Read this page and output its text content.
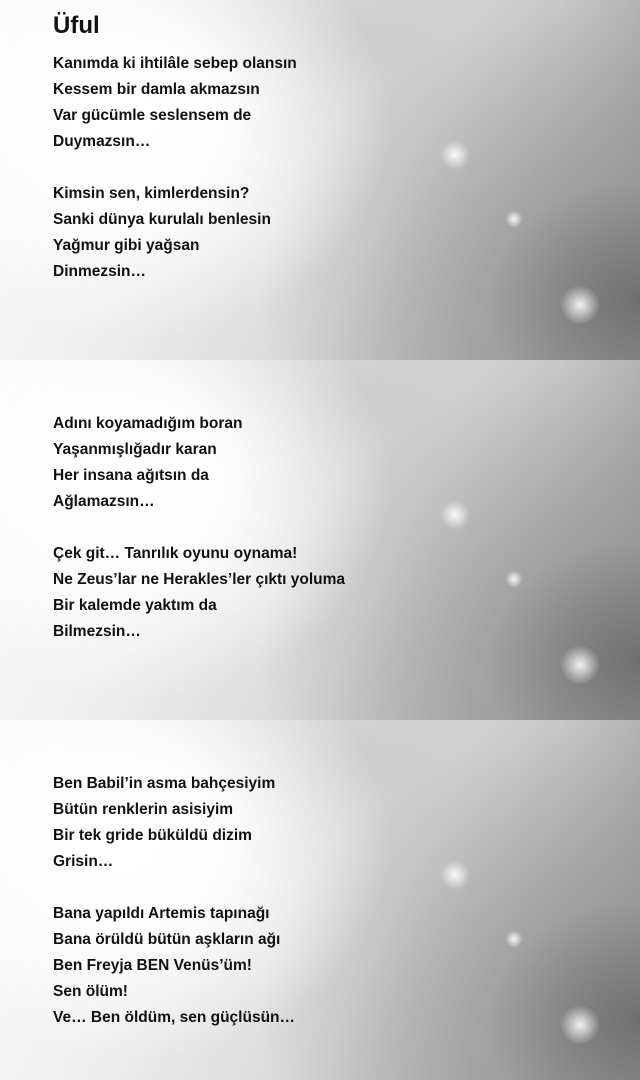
Üful
Kanımda ki ihtilâle sebep olansın
Kessem bir damla akmazsın
Var gücümle seslensem de
Duymazsın…
Kimsin sen, kimlerdensin?
Sanki dünya kurulalı benlesin
Yağmur gibi yağsan
Dinmezsin…
Adını koyamadığım boran
Yaşanmışlığadır karan
Her insana ağıtsın da
Ağlamazsın…
Çek git… Tanrılık oyunu oynama!
Ne Zeus’lar ne Herakles’ler çıktı yoluma
Bir kalemde yaktım da
Bilmezsin…
Ben Babil’in asma bahçesiyim
Bütün renklerin asisiyim
Bir tek gride büküldü dizim
Grisin…
Bana yapıldı Artemis tapınağı
Bana örüldü bütün aşkların ağı
Ben Freyja BEN Venüs’üm!
Sen ölüm!
Ve… Ben öldüm, sen güçlüsün…
